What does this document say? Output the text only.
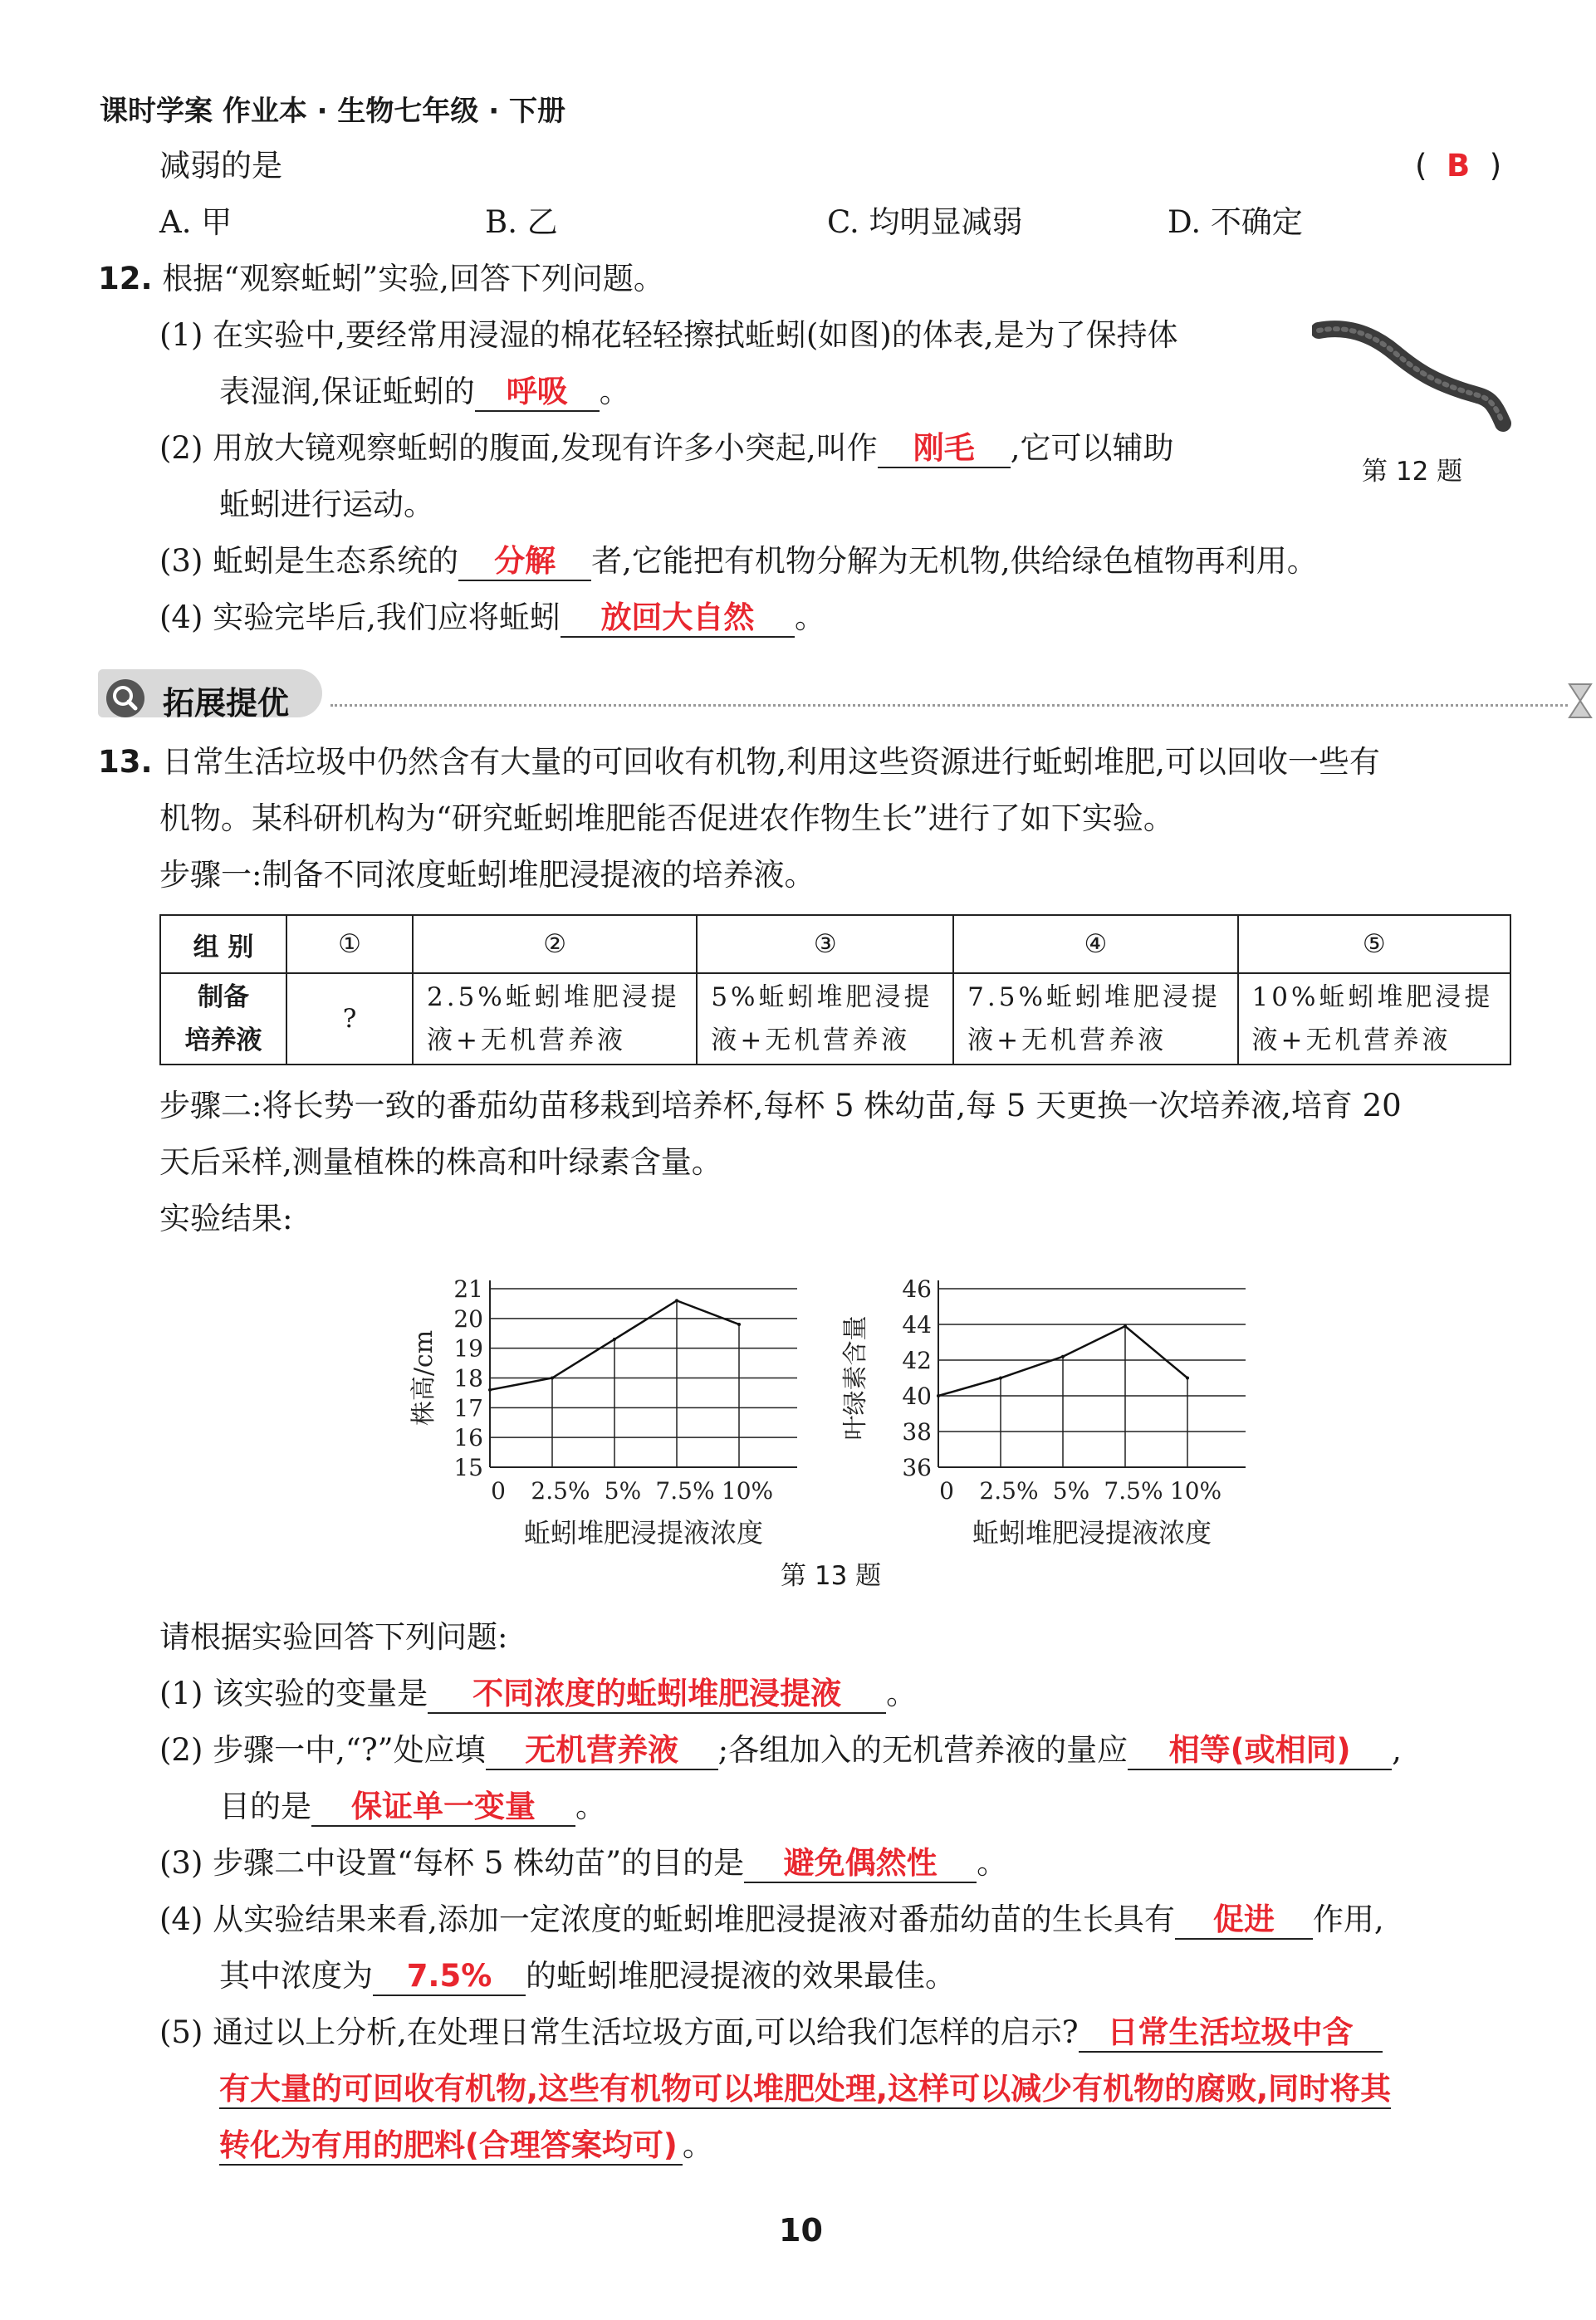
课时学案 作业本 · 生物七年级 · 下册
减弱的是	(  B  )
A. 甲	B. 乙	C. 均明显减弱	D. 不确定
12. 根据“观察蚯蚓”实验,回答下列问题。
(1) 在实验中,要经常用浸湿的棉花轻轻擦拭蚯蚓(如图)的体表,是为了保持体
表湿润,保证蚯蚓的 呼吸 。
(2) 用放大镜观察蚯蚓的腹面,发现有许多小突起,叫作 刚毛 ,它可以辅助
蚯蚓进行运动。
(3) 蚯蚓是生态系统的 分解 者,它能把有机物分解为无机物,供给绿色植物再利用。
(4) 实验完毕后,我们应将蚯蚓 放回大自然 。
第 12 题
拓展提优
13. 日常生活垃圾中仍然含有大量的可回收有机物,利用这些资源进行蚯蚓堆肥,可以回收一些有
机物。某科研机构为“研究蚯蚓堆肥能否促进农作物生长”进行了如下实验。
步骤一:制备不同浓度蚯蚓堆肥浸提液的培养液。
组 别	①	②	③	④	⑤
制备
培养液	?	2.5%蚯蚓堆肥浸提液+无机营养液	5%蚯蚓堆肥浸提液+无机营养液	7.5%蚯蚓堆肥浸提液+无机营养液	10%蚯蚓堆肥浸提液+无机营养液
步骤二:将长势一致的番茄幼苗移栽到培养杯,每杯 5 株幼苗,每 5 天更换一次培养液,培育 20
天后采样,测量植株的株高和叶绿素含量。
实验结果:
15
16
17
18
19
20
21
0 2.5% 5% 7.5% 10%
株高/cm
蚯蚓堆肥浸提液浓度
36
38
40
42
44
46
0 2.5% 5% 7.5% 10%
叶绿素含量
蚯蚓堆肥浸提液浓度
第 13 题
请根据实验回答下列问题:
(1) 该实验的变量是 不同浓度的蚯蚓堆肥浸提液 。
(2) 步骤一中,“?”处应填 无机营养液 ;各组加入的无机营养液的量应 相等(或相同) ,
目的是 保证单一变量 。
(3) 步骤二中设置“每杯 5 株幼苗”的目的是 避免偶然性 。
(4) 从实验结果来看,添加一定浓度的蚯蚓堆肥浸提液对番茄幼苗的生长具有 促进 作用,
其中浓度为 7.5% 的蚯蚓堆肥浸提液的效果最佳。
(5) 通过以上分析,在处理日常生活垃圾方面,可以给我们怎样的启示? 日常生活垃圾中含
有大量的可回收有机物,这些有机物可以堆肥处理,这样可以减少有机物的腐败,同时将其
转化为有用的肥料(合理答案均可) 。
10
